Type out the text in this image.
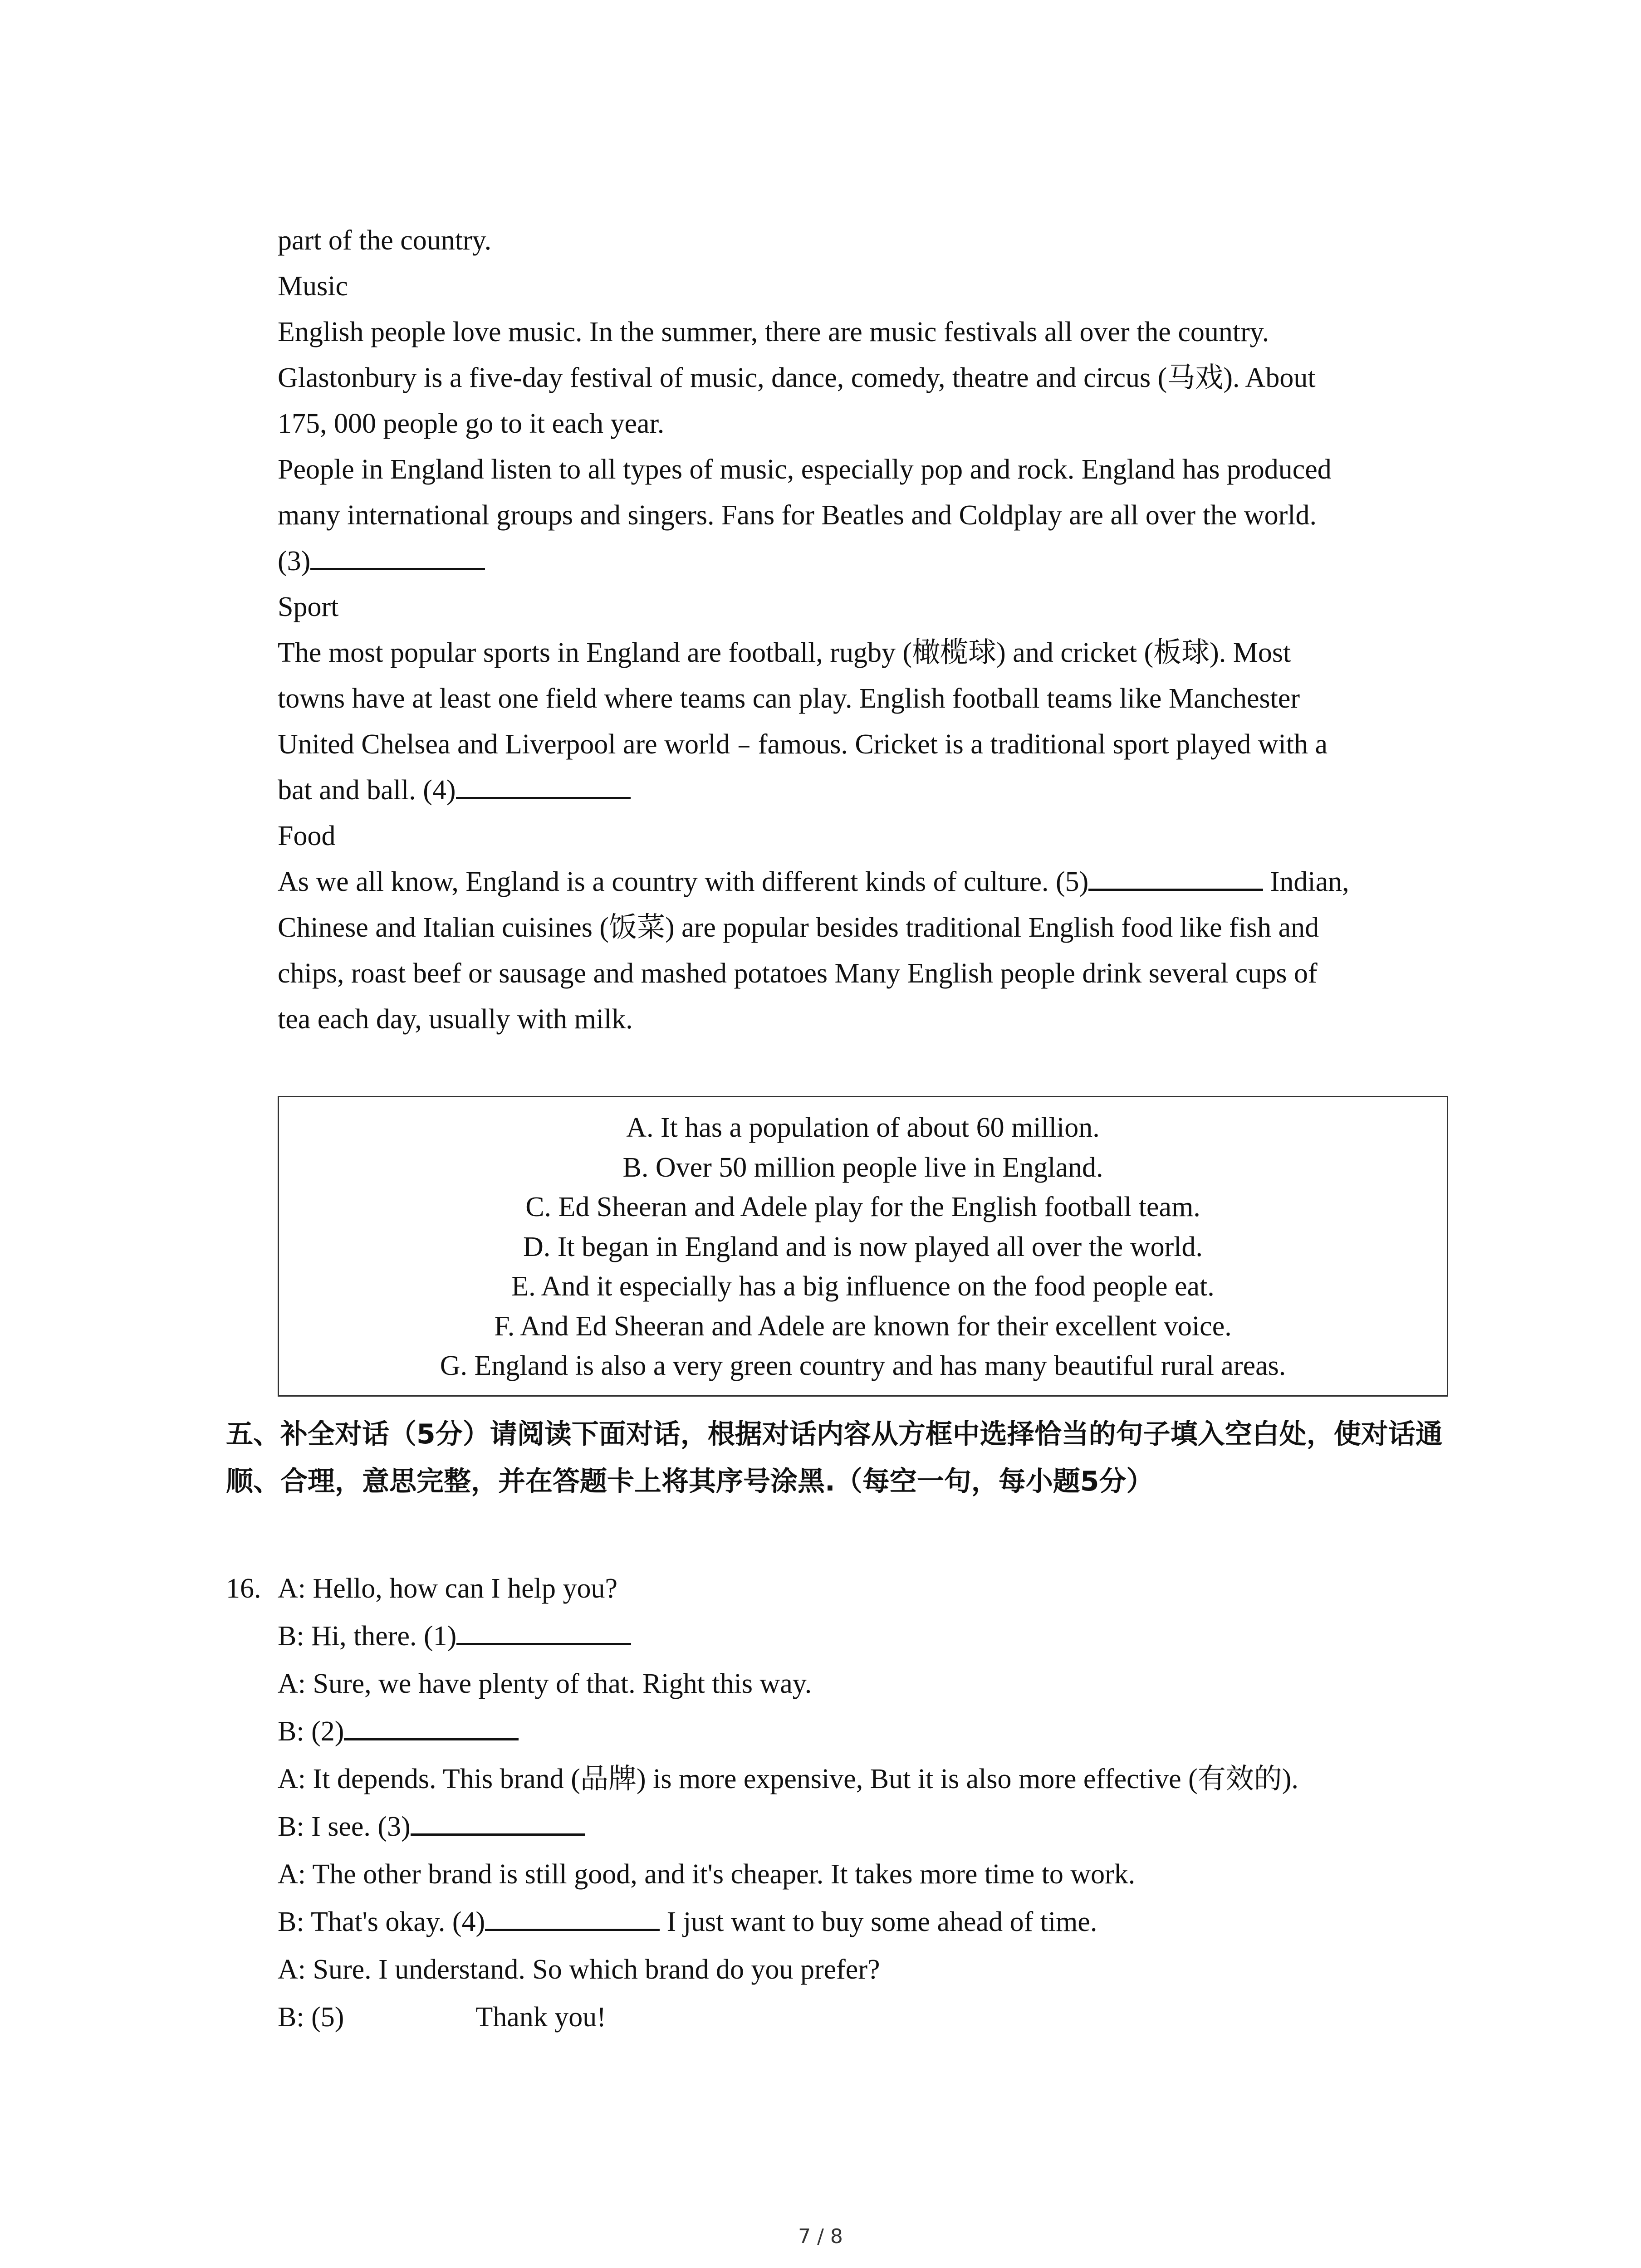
part of the country.
Music
English people love music. In the summer, there are music festivals all over the country.
Glastonbury is a five-day festival of music, dance, comedy, theatre and circus (马戏). About
175, 000 people go to it each year.
People in England listen to all types of music, especially pop and rock. England has produced
many international groups and singers. Fans for Beatles and Coldplay are all over the world.
(3)
Sport
The most popular sports in England are football, rugby (橄榄球) and cricket (板球). Most
towns have at least one field where teams can play. English football teams like Manchester
United Chelsea and Liverpool are world﹣famous. Cricket is a traditional sport played with a
bat and ball. (4)
Food
As we all know, England is a country with different kinds of culture. (5)	Indian,
Chinese and Italian cuisines (饭菜) are popular besides traditional English food like fish and
chips, roast beef or sausage and mashed potatoes Many English people drink several cups of
tea each day, usually with milk.
A. It has a population of about 60 million.
B. Over 50 million people live in England.
C. Ed Sheeran and Adele play for the English football team.
D. It began in England and is now played all over the world.
E. And it especially has a big influence on the food people eat.
F. And Ed Sheeran and Adele are known for their excellent voice.
G. England is also a very green country and has many beautiful rural areas.
五、补全对话（5分）请阅读下面对话，根据对话内容从方框中选择恰当的句子填入空白处，使对话通顺、合理，意思完整，并在答题卡上将其序号涂黑.（每空一句，每小题5分）
16. A: Hello, how can I help you?
B: Hi, there. (1)
A: Sure, we have plenty of that. Right this way.
B: (2)
A: It depends. This brand (品牌) is more expensive, But it is also more effective (有效的).
B: I see. (3)
A: The other brand is still good, and it's cheaper. It takes more time to work.
B: That's okay. (4)	I just want to buy some ahead of time.
A: Sure. I understand. So which brand do you prefer?
B: (5)	Thank you!
7 / 8
